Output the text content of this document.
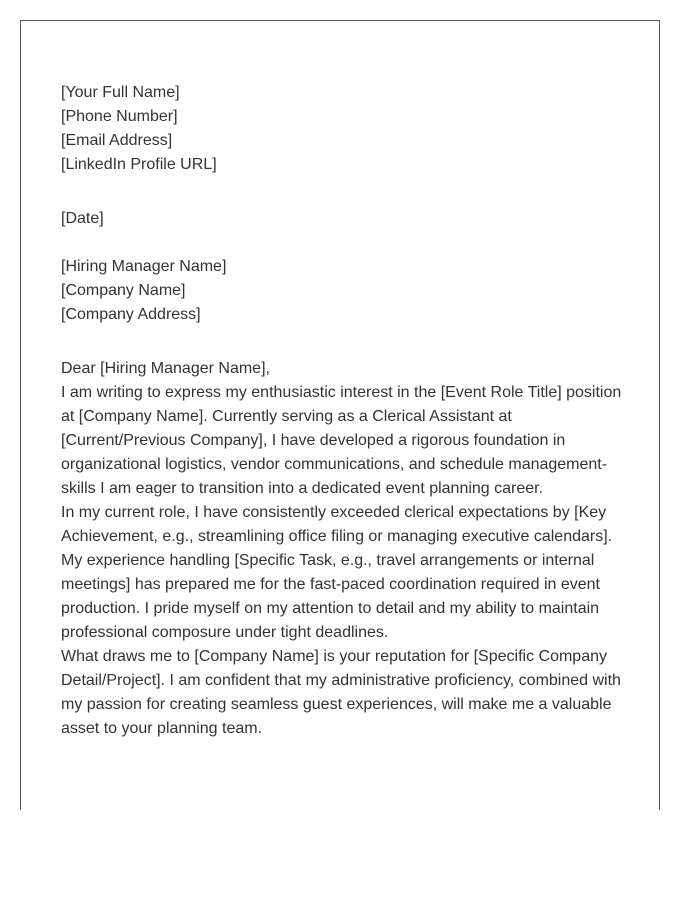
[Your Full Name]
[Phone Number]
[Email Address]
[LinkedIn Profile URL]
[Date]
[Hiring Manager Name]
[Company Name]
[Company Address]
Dear [Hiring Manager Name],

I am writing to express my enthusiastic interest in the [Event Role Title] position at [Company Name]. Currently serving as a Clerical Assistant at [Current/Previous Company], I have developed a rigorous foundation in organizational logistics, vendor communications, and schedule management-skills I am eager to transition into a dedicated event planning career.

In my current role, I have consistently exceeded clerical expectations by [Key Achievement, e.g., streamlining office filing or managing executive calendars]. My experience handling [Specific Task, e.g., travel arrangements or internal meetings] has prepared me for the fast-paced coordination required in event production. I pride myself on my attention to detail and my ability to maintain professional composure under tight deadlines.

What draws me to [Company Name] is your reputation for [Specific Company Detail/Project]. I am confident that my administrative proficiency, combined with my passion for creating seamless guest experiences, will make me a valuable asset to your planning team.
